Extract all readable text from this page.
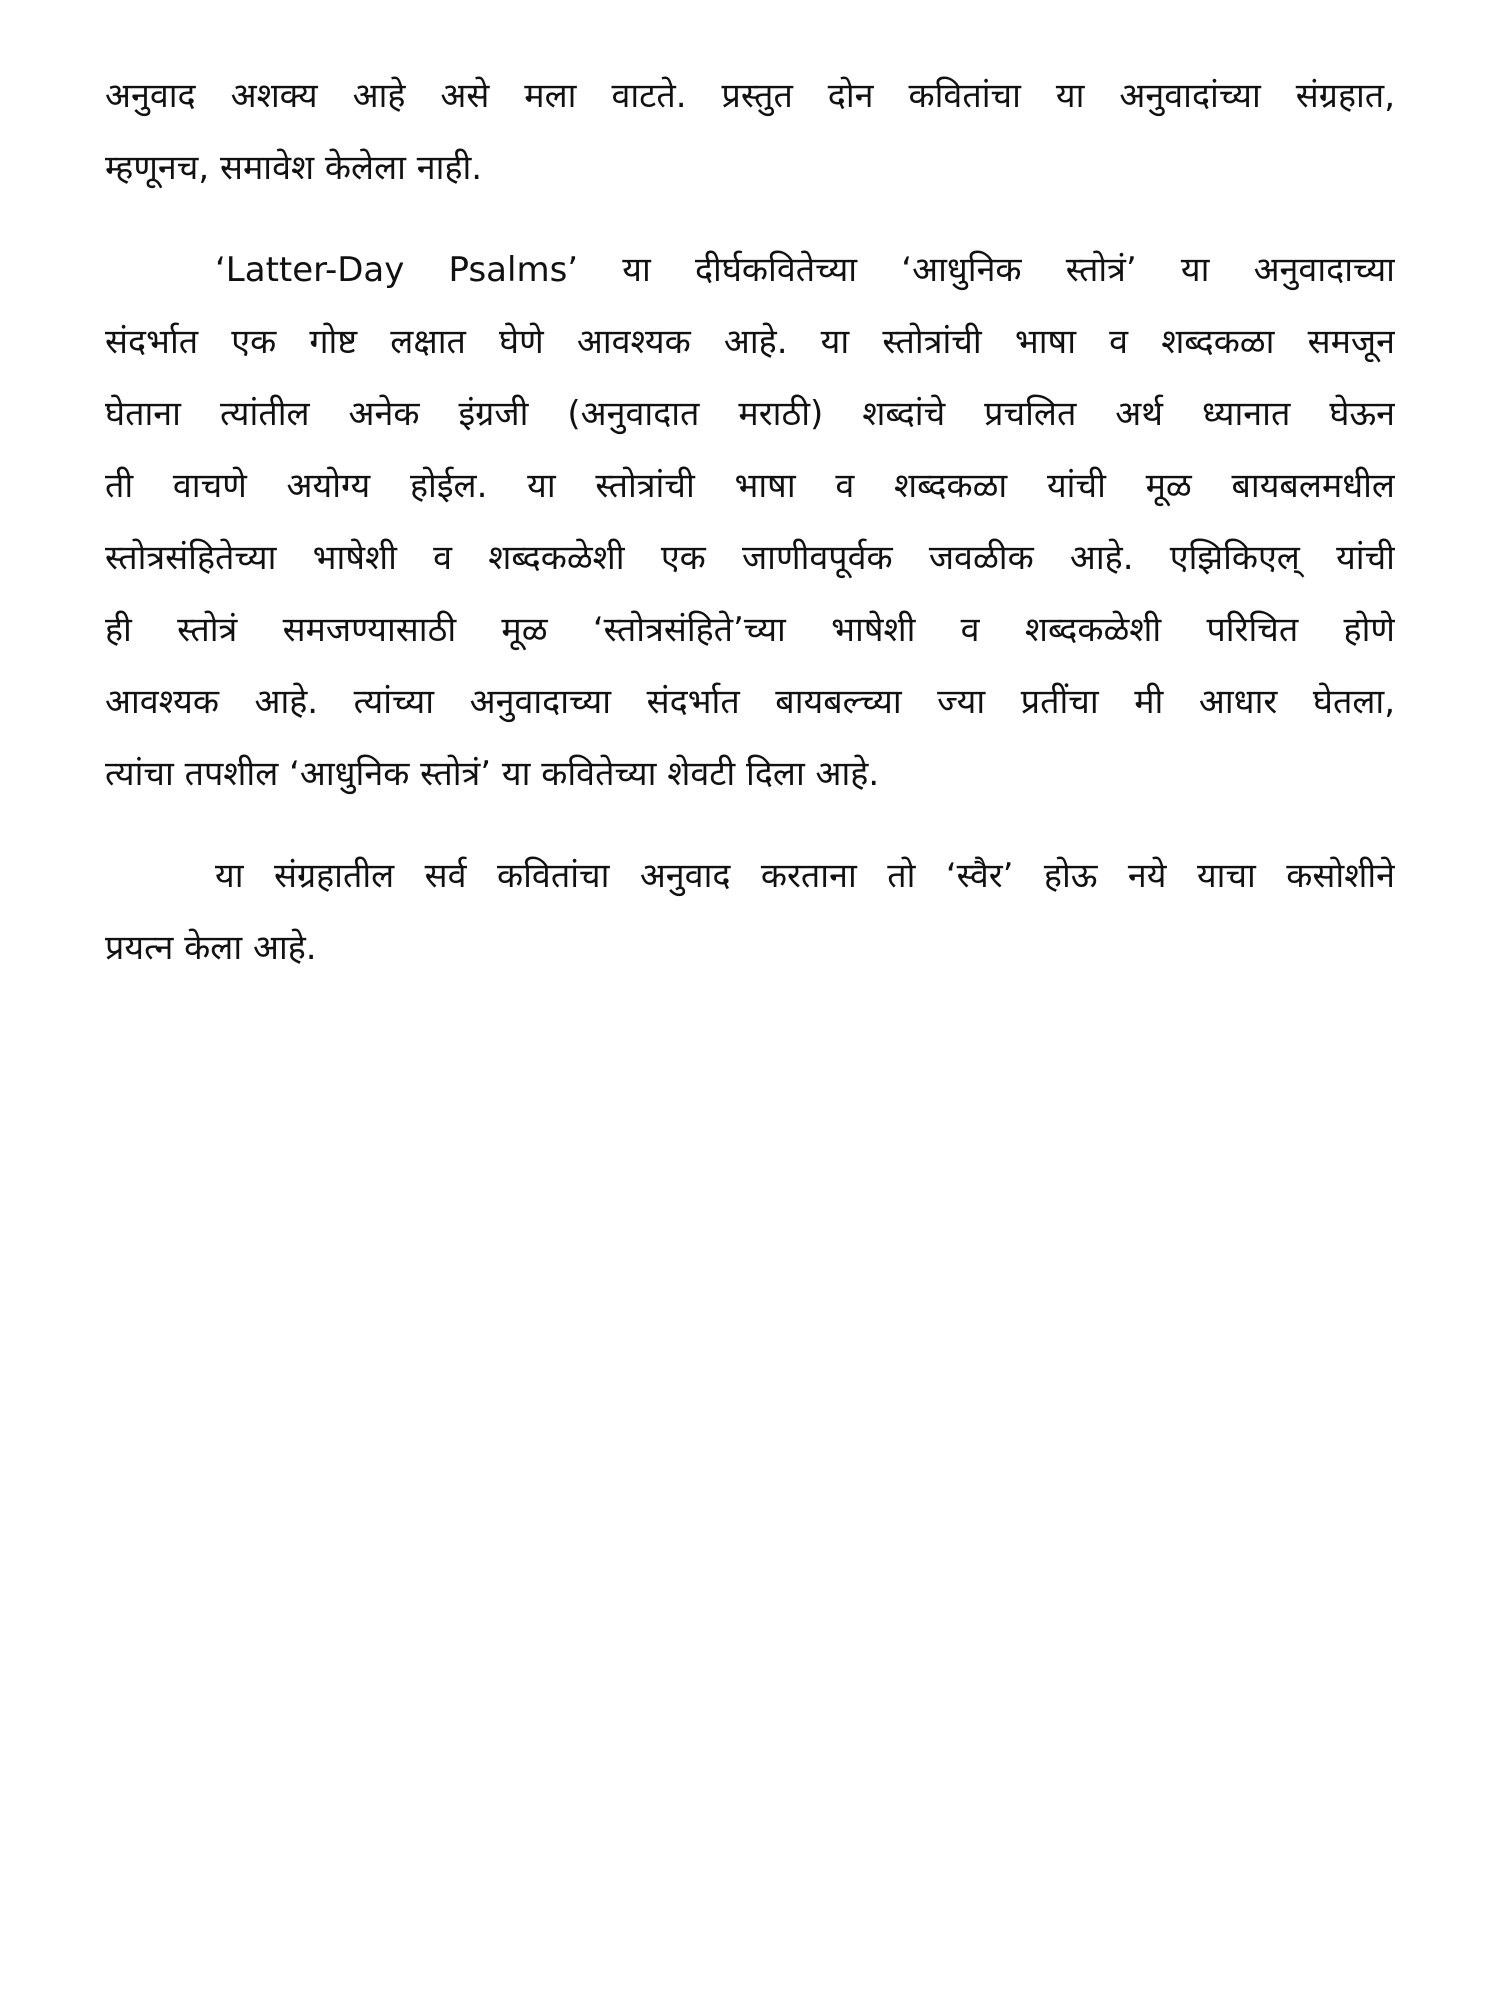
अनुवाद अशक्य आहे असे मला वाटते. प्रस्तुत दोन कवितांचा या अनुवादांच्या संग्रहात,
म्हणूनच, समावेश केलेला नाही.
‘Latter-Day Psalms’ या दीर्घकवितेच्या ‘आधुनिक स्तोत्रं’ या अनुवादाच्या
संदर्भात एक गोष्ट लक्षात घेणे आवश्यक आहे. या स्तोत्रांची भाषा व शब्दकळा समजून
घेताना त्यांतील अनेक इंग्रजी (अनुवादात मराठी) शब्दांचे प्रचलित अर्थ ध्यानात घेऊन
ती वाचणे अयोग्य होईल. या स्तोत्रांची भाषा व शब्दकळा यांची मूळ बायबलमधील
स्तोत्रसंहितेच्या भाषेशी व शब्दकळेशी एक जाणीवपूर्वक जवळीक आहे. एझिकिएल् यांची
ही स्तोत्रं समजण्यासाठी मूळ ‘स्तोत्रसंहिते’च्या भाषेशी व शब्दकळेशी परिचित होणे
आवश्यक आहे. त्यांच्या अनुवादाच्या संदर्भात बायबल्च्या ज्या प्रतींचा मी आधार घेतला,
त्यांचा तपशील ‘आधुनिक स्तोत्रं’ या कवितेच्या शेवटी दिला आहे.
या संग्रहातील सर्व कवितांचा अनुवाद करताना तो ‘स्वैर’ होऊ नये याचा कसोशीने
प्रयत्न केला आहे.
